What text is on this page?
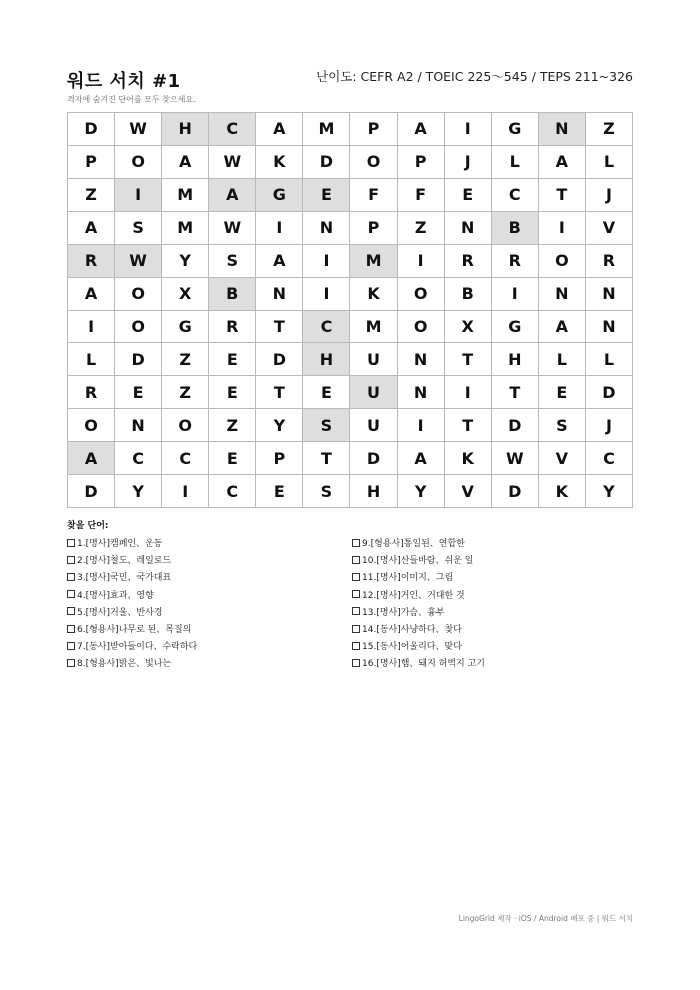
워드 서치 #1	난이도: CEFR A2 / TOEIC 225～545 / TEPS 211~326
격자에 숨겨진 단어를 모두 찾으세요.
D	W	H	C	A	M	P	A	I	G	N	Z
P	O	A	W	K	D	O	P	J	L	A	L
Z	I	M	A	G	E	F	F	E	C	T	J
A	S	M	W	I	N	P	Z	N	B	I	V
R	W	Y	S	A	I	M	I	R	R	O	R
A	O	X	B	N	I	K	O	B	I	N	N
I	O	G	R	T	C	M	O	X	G	A	N
L	D	Z	E	D	H	U	N	T	H	L	L
R	E	Z	E	T	E	U	N	I	T	E	D
O	N	O	Z	Y	S	U	I	T	D	S	J
A	C	C	E	P	T	D	A	K	W	V	C
D	Y	I	C	E	S	H	Y	V	D	K	Y
찾을 단어:
1.[명사]캠페인、운동
2.[명사]철도、레일로드
3.[명사]국민、국가대표
4.[명사]효과、영향
5.[명사]거울、반사경
6.[형용사]나무로 된、목질의
7.[동사]받아들이다、수락하다
8.[형용사]밝은、빛나는
9.[형용사]통일된、연합한
10.[명사]산들바람、쉬운 일
11.[명사]이미지、그림
12.[명사]거인、거대한 것
13.[명사]가슴、흉부
14.[동사]사냥하다、찾다
15.[동사]어울리다、맞다
16.[명사]햄、돼지 허벅지 고기
LingoGrid 제작 · iOS / Android 배포 중 | 워드 서치
